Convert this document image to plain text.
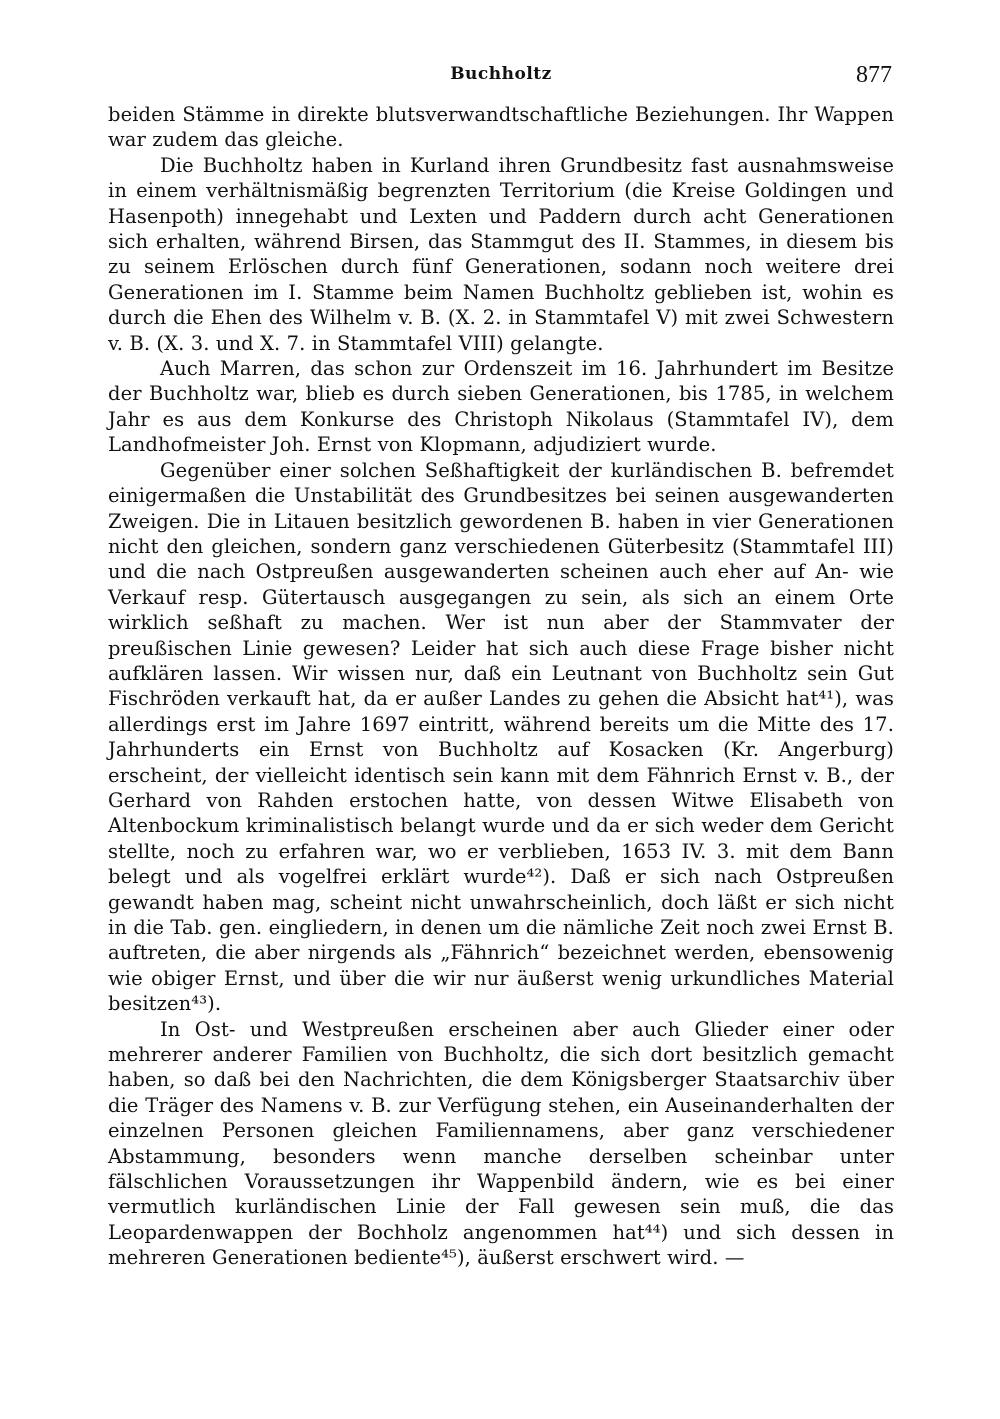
Buchholtz	877

beiden Stämme in direkte blutsverwandtschaftliche Beziehungen. Ihr Wappen war zudem das gleiche.

Die Buchholtz haben in Kurland ihren Grundbesitz fast ausnahmsweise in einem verhältnismäßig begrenzten Territorium (die Kreise Goldingen und Hasenpoth) innegehabt und Lexten und Paddern durch acht Generationen sich erhalten, während Birsen, das Stammgut des II. Stammes, in diesem bis zu seinem Erlöschen durch fünf Generationen, sodann noch weitere drei Generationen im I. Stamme beim Namen Buchholtz geblieben ist, wohin es durch die Ehen des Wilhelm v. B. (X. 2. in Stammtafel V) mit zwei Schwestern v. B. (X. 3. und X. 7. in Stammtafel VIII) gelangte.

Auch Marren, das schon zur Ordenszeit im 16. Jahrhundert im Besitze der Buchholtz war, blieb es durch sieben Generationen, bis 1785, in welchem Jahr es aus dem Konkurse des Christoph Nikolaus (Stammtafel IV), dem Landhofmeister Joh. Ernst von Klopmann, adjudiziert wurde.

Gegenüber einer solchen Seßhaftigkeit der kurländischen B. befremdet einigermaßen die Unstabilität des Grundbesitzes bei seinen ausgewanderten Zweigen. Die in Litauen besitzlich gewordenen B. haben in vier Generationen nicht den gleichen, sondern ganz verschiedenen Güterbesitz (Stammtafel III) und die nach Ostpreußen ausgewanderten scheinen auch eher auf An- wie Verkauf resp. Gütertausch ausgegangen zu sein, als sich an einem Orte wirklich seßhaft zu machen. Wer ist nun aber der Stammvater der preußischen Linie gewesen? Leider hat sich auch diese Frage bisher nicht aufklären lassen. Wir wissen nur, daß ein Leutnant von Buchholtz sein Gut Fischröden verkauft hat, da er außer Landes zu gehen die Absicht hat⁴¹), was allerdings erst im Jahre 1697 eintritt, während bereits um die Mitte des 17. Jahrhunderts ein Ernst von Buchholtz auf Kosacken (Kr. Angerburg) erscheint, der vielleicht identisch sein kann mit dem Fähnrich Ernst v. B., der Gerhard von Rahden erstochen hatte, von dessen Witwe Elisabeth von Altenbockum kriminalistisch belangt wurde und da er sich weder dem Gericht stellte, noch zu erfahren war, wo er verblieben, 1653 IV. 3. mit dem Bann belegt und als vogelfrei erklärt wurde⁴²). Daß er sich nach Ostpreußen gewandt haben mag, scheint nicht unwahrscheinlich, doch läßt er sich nicht in die Tab. gen. eingliedern, in denen um die nämliche Zeit noch zwei Ernst B. auftreten, die aber nirgends als „Fähnrich“ bezeichnet werden, ebensowenig wie obiger Ernst, und über die wir nur äußerst wenig urkundliches Material besitzen⁴³).

In Ost- und Westpreußen erscheinen aber auch Glieder einer oder mehrerer anderer Familien von Buchholtz, die sich dort besitzlich gemacht haben, so daß bei den Nachrichten, die dem Königsberger Staatsarchiv über die Träger des Namens v. B. zur Verfügung stehen, ein Auseinanderhalten der einzelnen Personen gleichen Familiennamens, aber ganz verschiedener Abstammung, besonders wenn manche derselben scheinbar unter fälschlichen Voraussetzungen ihr Wappenbild ändern, wie es bei einer vermutlich kurländischen Linie der Fall gewesen sein muß, die das Leopardenwappen der Bochholz angenommen hat⁴⁴) und sich dessen in mehreren Generationen bediente⁴⁵), äußerst erschwert wird. —
